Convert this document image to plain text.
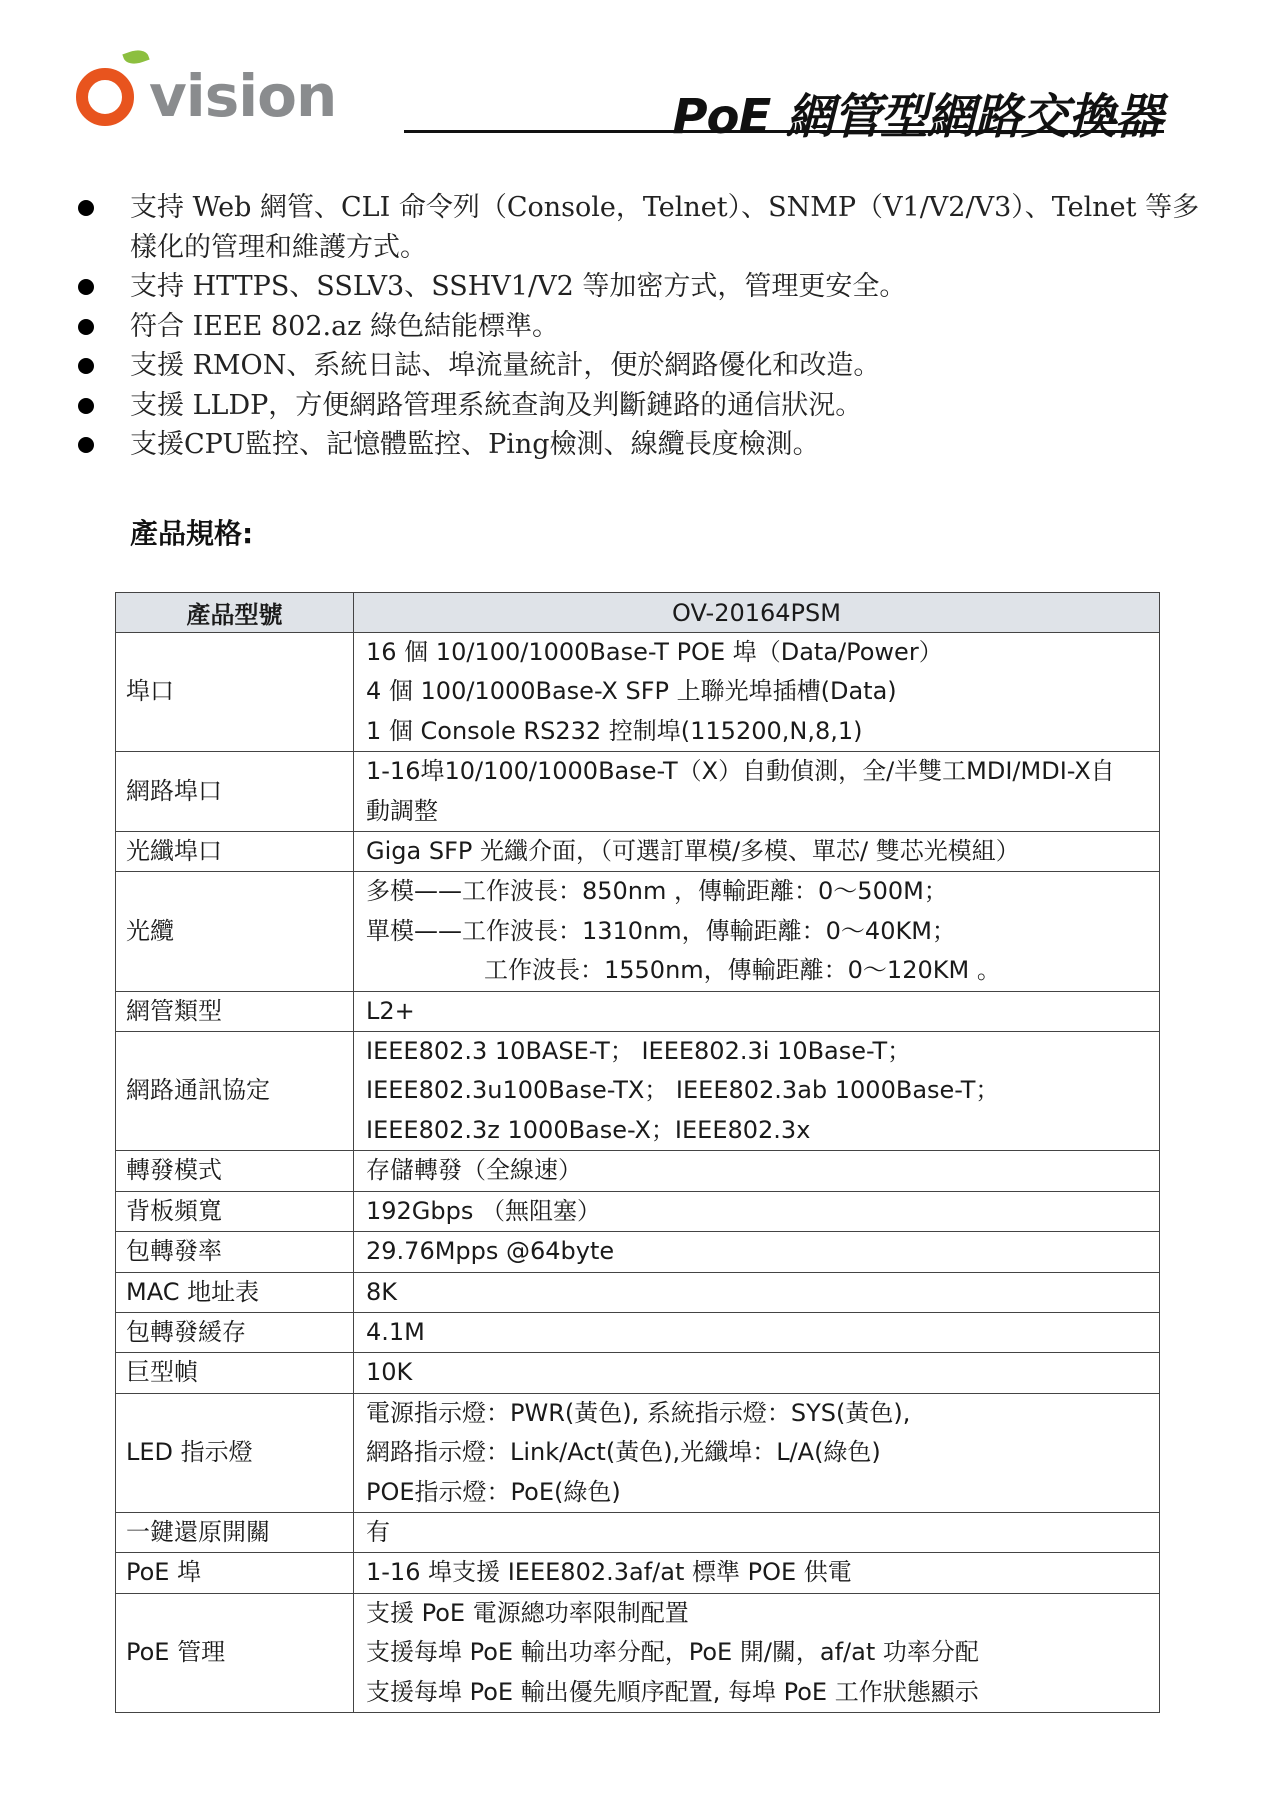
vision	PoE 網管型網路交換器
支持 Web 網管、CLI 命令列（Console，Telnet）、SNMP（V1/V2/V3）、Telnet 等多樣化的管理和維護方式。
支持 HTTPS、SSLV3、SSHV1/V2 等加密方式，管理更安全。
符合 IEEE 802.az 綠色結能標準。
支援 RMON、系統日誌、埠流量統計，便於網路優化和改造。
支援 LLDP，方便網路管理系統查詢及判斷鏈路的通信狀況。
支援CPU監控、記憶體監控、Ping檢測、線纜長度檢測。
產品規格:
產品型號	OV-20164PSM
埠口	16 個 10/100/1000Base-T POE 埠（Data/Power）
4 個 100/1000Base-X SFP 上聯光埠插槽(Data)
1 個 Console RS232 控制埠(115200,N,8,1)

網路埠口	1-16埠10/100/1000Base-T（X）自動偵測，全/半雙工MDI/MDI-X自
動調整

光纖埠口	Giga SFP 光纖介面，（可選訂單模/多模、單芯/ 雙芯光模組）

光纜	多模——工作波長：850nm ，傳輸距離：0～500M；
單模——工作波長：1310nm，傳輸距離：0～40KM；
工作波長：1550nm，傳輸距離：0～120KM 。

網管類型	L2+

網路通訊協定	IEEE802.3 10BASE-T； IEEE802.3i 10Base-T；
IEEE802.3u100Base-TX； IEEE802.3ab 1000Base-T；
IEEE802.3z 1000Base-X；IEEE802.3x

轉發模式	存儲轉發（全線速）

背板頻寬	192Gbps （無阻塞）

包轉發率	29.76Mpps @64byte

MAC 地址表	8K

包轉發緩存	4.1M

巨型幀	10K

LED 指示燈	電源指示燈：PWR(黃色), 系統指示燈：SYS(黃色),
網路指示燈：Link/Act(黃色),光纖埠：L/A(綠色)
POE指示燈：PoE(綠色)

一鍵還原開關	有

PoE 埠	1-16 埠支援 IEEE802.3af/at 標準 POE 供電

PoE 管理	支援 PoE 電源總功率限制配置
支援每埠 PoE 輸出功率分配，PoE 開/關，af/at 功率分配
支援每埠 PoE 輸出優先順序配置, 每埠 PoE 工作狀態顯示
